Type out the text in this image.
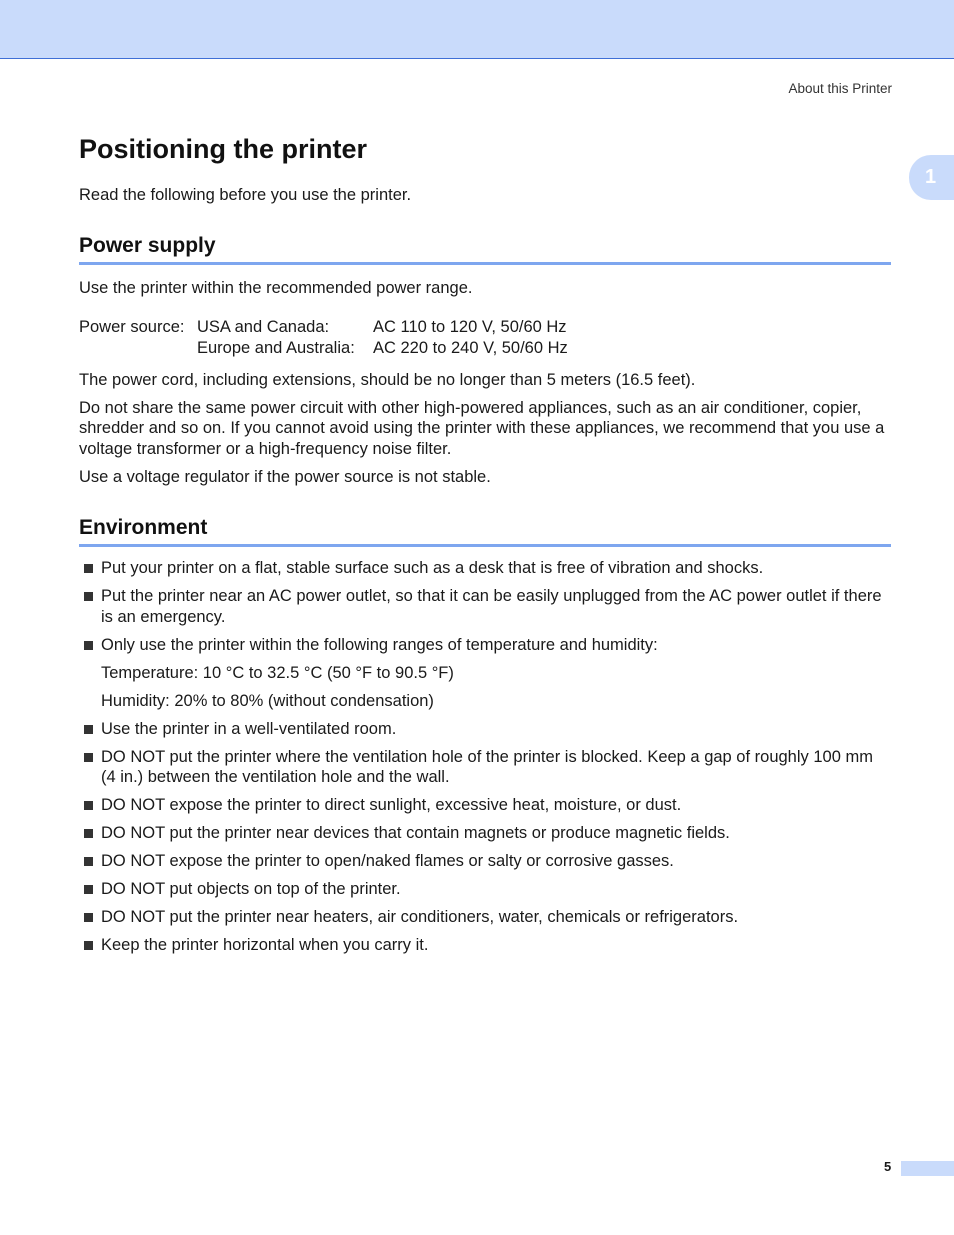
About this Printer
1
Positioning the printer

Read the following before you use the printer.

Power supply

Use the printer within the recommended power range.

Power source:	USA and Canada:	AC 110 to 120 V, 50/60 Hz
	Europe and Australia:	AC 220 to 240 V, 50/60 Hz

The power cord, including extensions, should be no longer than 5 meters (16.5 feet).

Do not share the same power circuit with other high-powered appliances, such as an air conditioner, copier, shredder and so on. If you cannot avoid using the printer with these appliances, we recommend that you use a voltage transformer or a high-frequency noise filter.

Use a voltage regulator if the power source is not stable.

Environment
Put your printer on a flat, stable surface such as a desk that is free of vibration and shocks.
Put the printer near an AC power outlet, so that it can be easily unplugged from the AC power outlet if there is an emergency.
Only use the printer within the following ranges of temperature and humidity:
Temperature: 10 °C to 32.5 °C (50 °F to 90.5 °F)
Humidity: 20% to 80% (without condensation)
Use the printer in a well-ventilated room.
DO NOT put the printer where the ventilation hole of the printer is blocked. Keep a gap of roughly 100 mm (4 in.) between the ventilation hole and the wall.
DO NOT expose the printer to direct sunlight, excessive heat, moisture, or dust.
DO NOT put the printer near devices that contain magnets or produce magnetic fields.
DO NOT expose the printer to open/naked flames or salty or corrosive gasses.
DO NOT put objects on top of the printer.
DO NOT put the printer near heaters, air conditioners, water, chemicals or refrigerators.
Keep the printer horizontal when you carry it.
5
